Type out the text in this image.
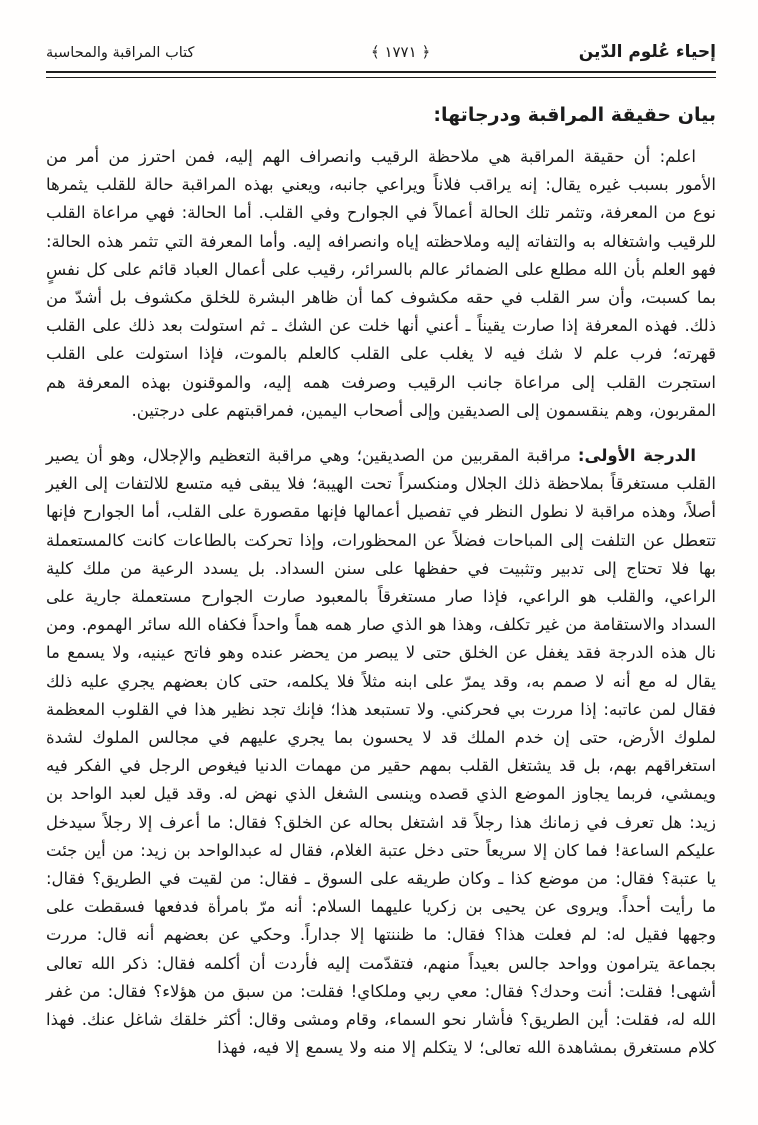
إحياء عُلوم الدّين
﴿ ١٧٧١ ﴾
كتاب المراقبة والمحاسبة
بيان حقيقة المراقبة ودرجاتها:

اعلم: أن حقيقة المراقبة هي ملاحظة الرقيب وانصراف الهم إليه، فمن احترز من أمر من الأمور بسبب غيره يقال: إنه يراقب فلاناً ويراعي جانبه، ويعني بهذه المراقبة حالة للقلب يثمرها نوع من المعرفة، وتثمر تلك الحالة أعمالاً في الجوارح وفي القلب. أما الحالة: فهي مراعاة القلب للرقيب واشتغاله به والتفاته إليه وملاحظته إياه وانصرافه إليه. وأما المعرفة التي تثمر هذه الحالة: فهو العلم بأن الله مطلع على الضمائر عالم بالسرائر، رقيب على أعمال العباد قائم على كل نفسٍ بما كسبت، وأن سر القلب في حقه مكشوف كما أن ظاهر البشرة للخلق مكشوف بل أشدّ من ذلك. فهذه المعرفة إذا صارت يقيناً ـ أعني أنها خلت عن الشك ـ ثم استولت بعد ذلك على القلب قهرته؛ فرب علم لا شك فيه لا يغلب على القلب كالعلم بالموت، فإذا استولت على القلب استجرت القلب إلى مراعاة جانب الرقيب وصرفت همه إليه، والموقنون بهذه المعرفة هم المقربون، وهم ينقسمون إلى الصديقين وإلى أصحاب اليمين، فمراقبتهم على درجتين.

الدرجة الأولى: مراقبة المقربين من الصديقين؛ وهي مراقبة التعظيم والإجلال، وهو أن يصير القلب مستغرقاً بملاحظة ذلك الجلال ومنكسراً تحت الهيبة؛ فلا يبقى فيه متسع للالتفات إلى الغير أصلاً، وهذه مراقبة لا نطول النظر في تفصيل أعمالها فإنها مقصورة على القلب، أما الجوارح فإنها تتعطل عن التلفت إلى المباحات فضلاً عن المحظورات، وإذا تحركت بالطاعات كانت كالمستعملة بها فلا تحتاج إلى تدبير وتثبيت في حفظها على سنن السداد. بل يسدد الرعية من ملك كلية الراعي، والقلب هو الراعي، فإذا صار مستغرقاً بالمعبود صارت الجوارح مستعملة جارية على السداد والاستقامة من غير تكلف، وهذا هو الذي صار همه هماً واحداً فكفاه الله سائر الهموم. ومن نال هذه الدرجة فقد يغفل عن الخلق حتى لا يبصر من يحضر عنده وهو فاتح عينيه، ولا يسمع ما يقال له مع أنه لا صمم به، وقد يمرّ على ابنه مثلاً فلا يكلمه، حتى كان بعضهم يجري عليه ذلك فقال لمن عاتبه: إذا مررت بي فحركني. ولا تستبعد هذا؛ فإنك تجد نظير هذا في القلوب المعظمة لملوك الأرض، حتى إن خدم الملك قد لا يحسون بما يجري عليهم في مجالس الملوك لشدة استغراقهم بهم، بل قد يشتغل القلب بمهم حقير من مهمات الدنيا فيغوص الرجل في الفكر فيه ويمشي، فربما يجاوز الموضع الذي قصده وينسى الشغل الذي نهض له. وقد قيل لعبد الواحد بن زيد: هل تعرف في زمانك هذا رجلاً قد اشتغل بحاله عن الخلق؟ فقال: ما أعرف إلا رجلاً سيدخل عليكم الساعة! فما كان إلا سريعاً حتى دخل عتبة الغلام، فقال له عبدالواحد بن زيد: من أين جئت يا عتبة؟ فقال: من موضع كذا ـ وكان طريقه على السوق ـ فقال: من لقيت في الطريق؟ فقال: ما رأيت أحداً. ويروى عن يحيى بن زكريا عليهما السلام: أنه مرّ بامرأة فدفعها فسقطت على وجهها فقيل له: لم فعلت هذا؟ فقال: ما ظننتها إلا جداراً. وحكي عن بعضهم أنه قال: مررت بجماعة يترامون وواحد جالس بعيداً منهم، فتقدّمت إليه فأردت أن أكلمه فقال: ذكر الله تعالى أشهى! فقلت: أنت وحدك؟ فقال: معي ربي وملكاي! فقلت: من سبق من هؤلاء؟ فقال: من غفر الله له، فقلت: أين الطريق؟ فأشار نحو السماء، وقام ومشى وقال: أكثر خلقك شاغل عنك. فهذا كلام مستغرق بمشاهدة الله تعالى؛ لا يتكلم إلا منه ولا يسمع إلا فيه، فهذا
